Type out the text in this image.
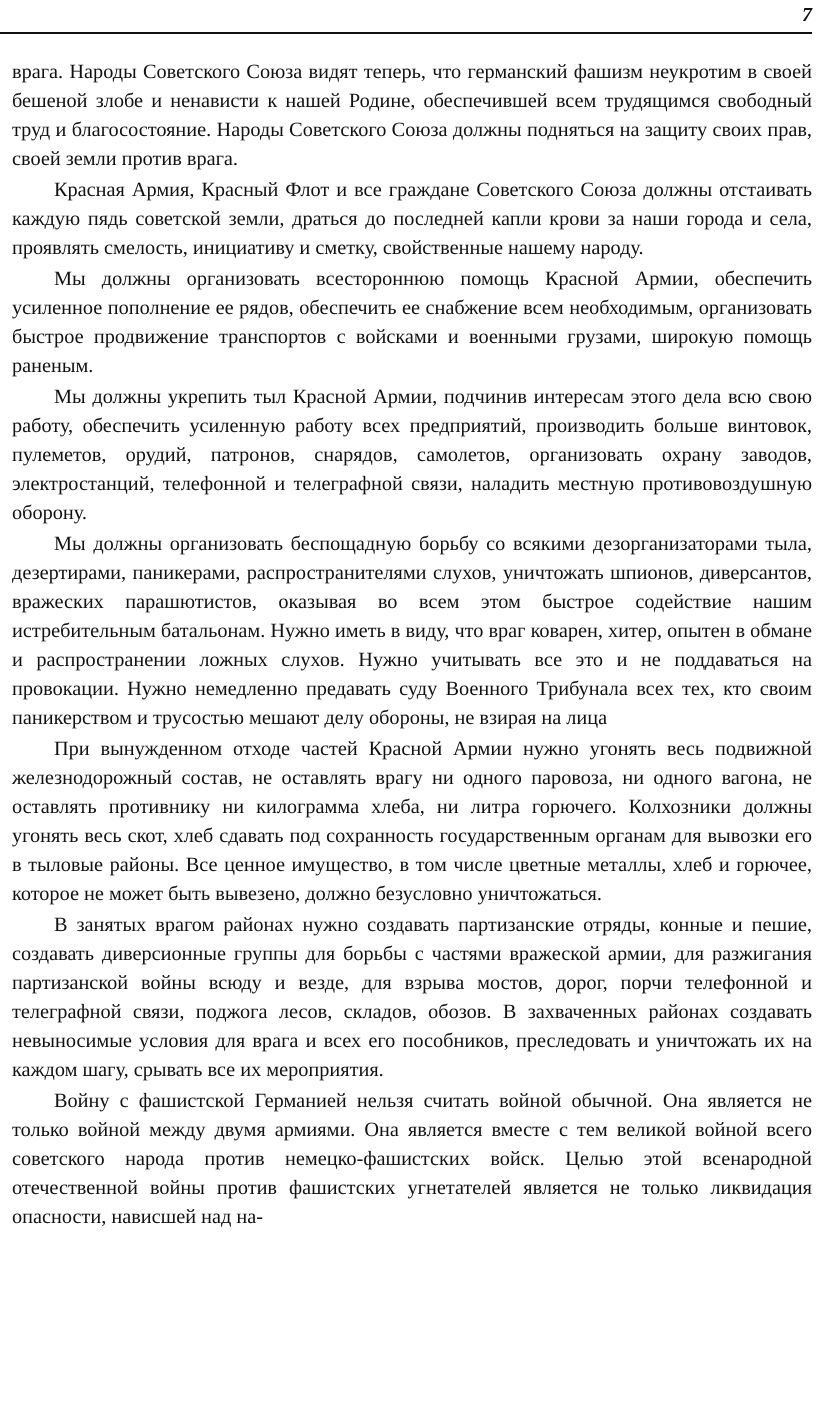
7

врага. Народы Советского Союза видят теперь, что германский фашизм неукротим в своей бешеной злобе и ненависти к нашей Родине, обеспечившей всем трудящимся свободный труд и благосостояние. Народы Советского Союза должны подняться на защиту своих прав, своей земли против врага.

Красная Армия, Красный Флот и все граждане Советского Союза должны отстаивать каждую пядь советской земли, драться до последней капли крови за наши города и села, проявлять смелость, инициативу и сметку, свойственные нашему народу.

Мы должны организовать всестороннюю помощь Красной Армии, обеспечить усиленное пополнение ее рядов, обеспечить ее снабжение всем необходимым, организовать быстрое продвижение транспортов с войсками и военными грузами, широкую помощь раненым.

Мы должны укрепить тыл Красной Армии, подчинив интересам этого дела всю свою работу, обеспечить усиленную работу всех предприятий, производить больше винтовок, пулеметов, орудий, патронов, снарядов, самолетов, организовать охрану заводов, электростанций, телефонной и телеграфной связи, наладить местную противовоздушную оборону.

Мы должны организовать беспощадную борьбу со всякими дезорганизаторами тыла, дезертирами, паникерами, распространителями слухов, уничтожать шпионов, диверсантов, вражеских парашютистов, оказывая во всем этом быстрое содействие нашим истребительным батальонам. Нужно иметь в виду, что враг коварен, хитер, опытен в обмане и распространении ложных слухов. Нужно учитывать все это и не поддаваться на провокации. Нужно немедленно предавать суду Военного Трибунала всех тех, кто своим паникерством и трусостью мешают делу обороны, не взирая на лица

При вынужденном отходе частей Красной Армии нужно угонять весь подвижной железнодорожный состав, не оставлять врагу ни одного паровоза, ни одного вагона, не оставлять противнику ни килограмма хлеба, ни литра горючего. Колхозники должны угонять весь скот, хлеб сдавать под сохранность государственным органам для вывозки его в тыловые районы. Все ценное имущество, в том числе цветные металлы, хлеб и горючее, которое не может быть вывезено, должно безусловно уничтожаться.

В занятых врагом районах нужно создавать партизанские отряды, конные и пешие, создавать диверсионные группы для борьбы с частями вражеской армии, для разжигания партизанской войны всюду и везде, для взрыва мостов, дорог, порчи телефонной и телеграфной связи, поджога лесов, складов, обозов. В захваченных районах создавать невыносимые условия для врага и всех его пособников, преследовать и уничтожать их на каждом шагу, срывать все их мероприятия.

Войну с фашистской Германией нельзя считать войной обычной. Она является не только войной между двумя армиями. Она является вместе с тем великой войной всего советского народа против немецко-фашистских войск. Целью этой всенародной отечественной войны против фашистских угнетателей является не только ликвидация опасности, нависшей над на-
